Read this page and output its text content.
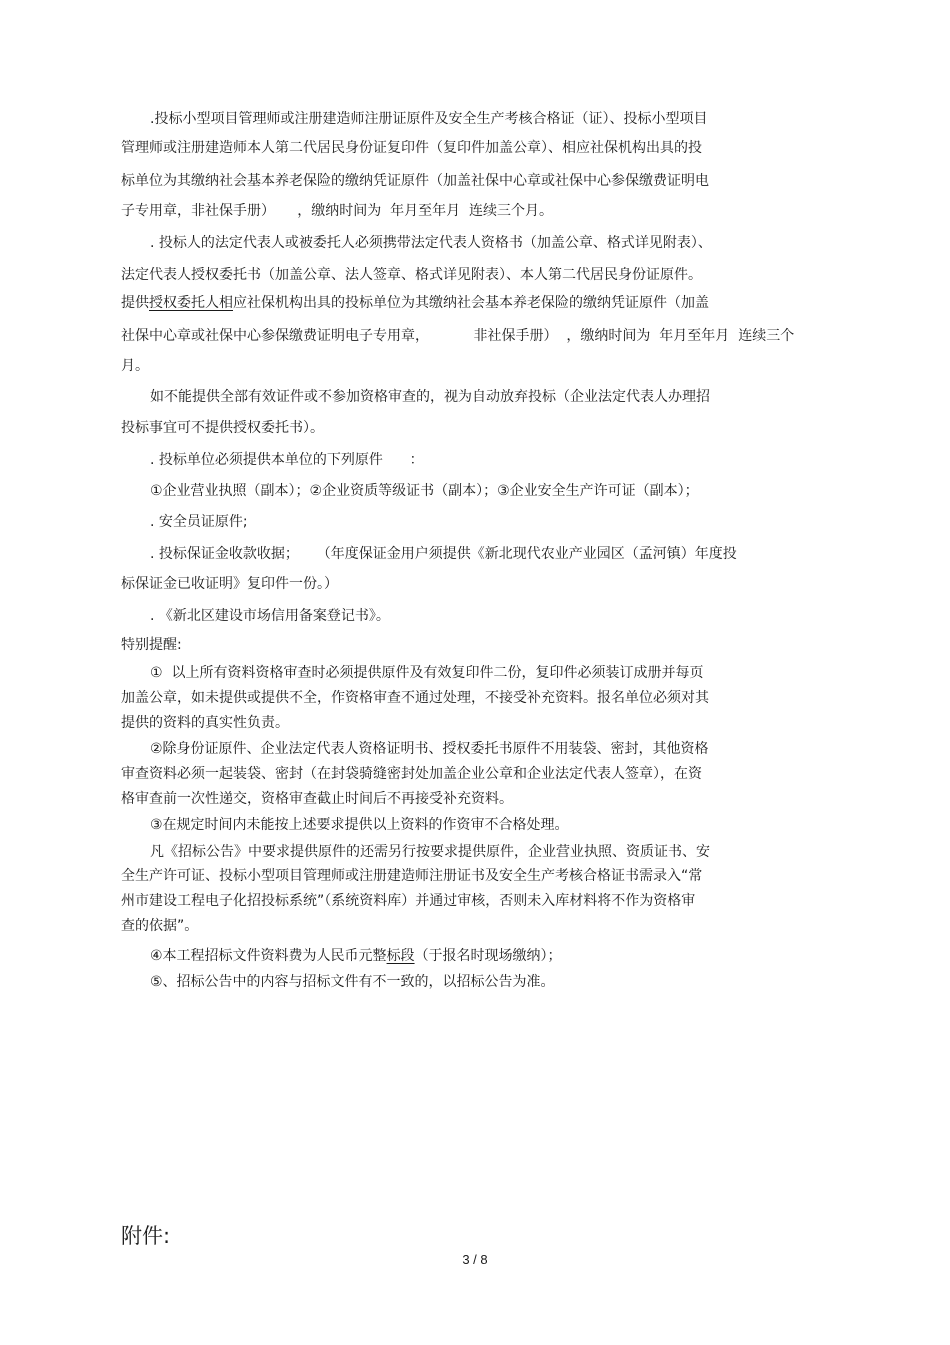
.投标小型项目管理师或注册建造师注册证原件及安全生产考核合格证（证）、投标小型项目
管理师或注册建造师本人第二代居民身份证复印件（复印件加盖公章）、相应社保机构出具的投
标单位为其缴纳社会基本养老保险的缴纳凭证原件（加盖社保中心章或社保中心参保缴费证明电
子专用章，非社保手册）     ，缴纳时间为  年月至年月  连续三个月。
. 投标人的法定代表人或被委托人必须携带法定代表人资格书（加盖公章、格式详见附表）、
法定代表人授权委托书（加盖公章、法人签章、格式详见附表）、本人第二代居民身份证原件。
提供授权委托人相应社保机构出具的投标单位为其缴纳社会基本养老保险的缴纳凭证原件（加盖
社保中心章或社保中心参保缴费证明电子专用章，          非社保手册）  ，缴纳时间为  年月至年月  连续三个
月。
如不能提供全部有效证件或不参加资格审查的，视为自动放弃投标（企业法定代表人办理招
投标事宜可不提供授权委托书）。
. 投标单位必须提供本单位的下列原件      ：
①企业营业执照（副本）；②企业资质等级证书（副本）；③企业安全生产许可证（副本）；
. 安全员证原件;
. 投标保证金收款收据；    （年度保证金用户须提供《新北现代农业产业园区（孟河镇）年度投
标保证金已收证明》复印件一份。）
. 《新北区建设市场信用备案登记书》。
特别提醒:
①  以上所有资料资格审查时必须提供原件及有效复印件二份，复印件必须装订成册并每页
加盖公章，如未提供或提供不全，作资格审查不通过处理，不接受补充资料。报名单位必须对其
提供的资料的真实性负责。
②除身份证原件、企业法定代表人资格证明书、授权委托书原件不用装袋、密封，其他资格
审查资料必须一起装袋、密封（在封袋骑缝密封处加盖企业公章和企业法定代表人签章），在资
格审查前一次性递交，资格审查截止时间后不再接受补充资料。
③在规定时间内未能按上述要求提供以上资料的作资审不合格处理。
凡《招标公告》中要求提供原件的还需另行按要求提供原件，企业营业执照、资质证书、安
全生产许可证、投标小型项目管理师或注册建造师注册证书及安全生产考核合格证书需录入“常
州市建设工程电子化招投标系统”（系统资料库）并通过审核，否则未入库材料将不作为资格审
查的依据”。
④本工程招标文件资料费为人民币元整标段（于报名时现场缴纳）；
⑤、招标公告中的内容与招标文件有不一致的，以招标公告为准。
附件:
3 / 8
